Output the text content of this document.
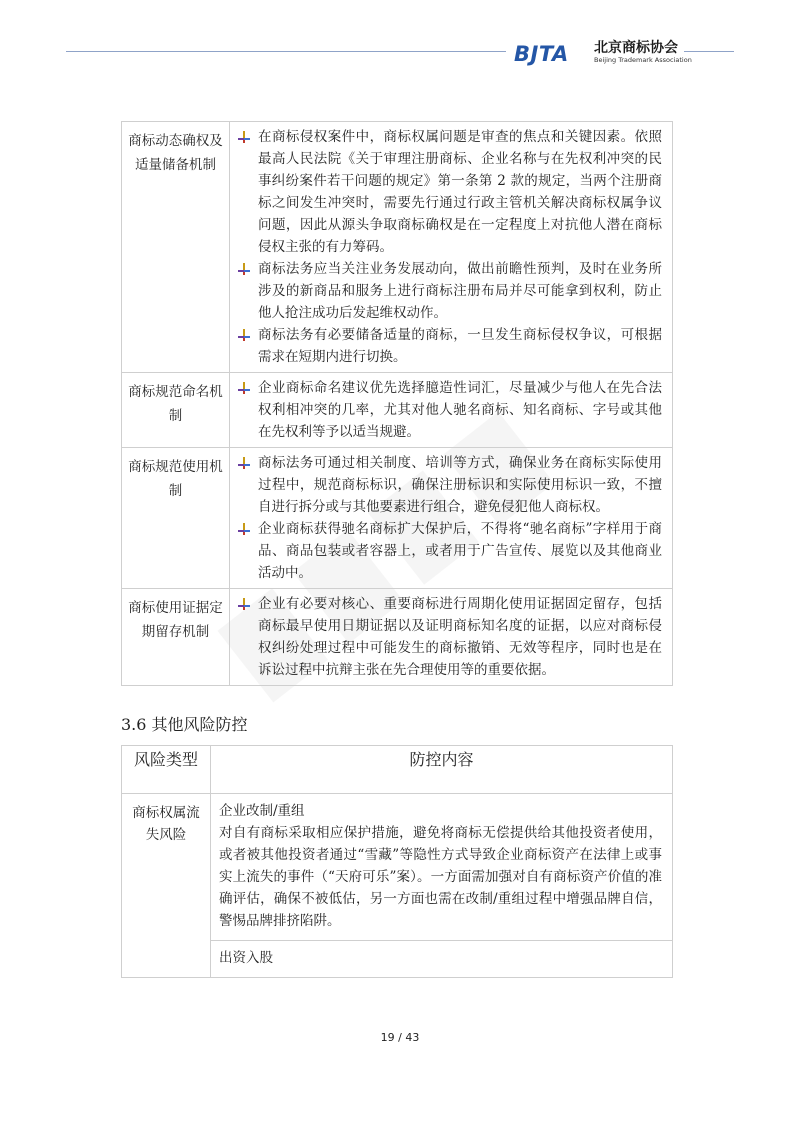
BJTA 北京商标协会
Beijing Trademark Association
商标动态确权及适量储备机制	在商标侵权案件中，商标权属问题是审查的焦点和关键因素。依照最高人民法院《关于审理注册商标、企业名称与在先权利冲突的民事纠纷案件若干问题的规定》第一条第 2 款的规定，当两个注册商标之间发生冲突时，需要先行通过行政主管机关解决商标权属争议问题，因此从源头争取商标确权是在一定程度上对抗他人潜在商标侵权主张的有力筹码。
商标法务应当关注业务发展动向，做出前瞻性预判，及时在业务所涉及的新商品和服务上进行商标注册布局并尽可能拿到权利，防止他人抢注成功后发起维权动作。
商标法务有必要储备适量的商标，一旦发生商标侵权争议，可根据需求在短期内进行切换。

商标规范命名机制	企业商标命名建议优先选择臆造性词汇，尽量减少与他人在先合法权利相冲突的几率，尤其对他人驰名商标、知名商标、字号或其他在先权利等予以适当规避。

商标规范使用机制	商标法务可通过相关制度、培训等方式，确保业务在商标实际使用过程中，规范商标标识，确保注册标识和实际使用标识一致，不擅自进行拆分或与其他要素进行组合，避免侵犯他人商标权。
企业商标获得驰名商标扩大保护后，不得将“驰名商标”字样用于商品、商品包装或者容器上，或者用于广告宣传、展览以及其他商业活动中。

商标使用证据定期留存机制	企业有必要对核心、重要商标进行周期化使用证据固定留存，包括商标最早使用日期证据以及证明商标知名度的证据，以应对商标侵权纠纷处理过程中可能发生的商标撤销、无效等程序，同时也是在诉讼过程中抗辩主张在先合理使用等的重要依据。
3.6 其他风险防控
风险类型	防控内容
商标权属流失风险	企业改制/重组
对自有商标采取相应保护措施，避免将商标无偿提供给其他投资者使用，或者被其他投资者通过“雪藏”等隐性方式导致企业商标资产在法律上或事实上流失的事件（“天府可乐”案）。一方面需加强对自有商标资产价值的准确评估，确保不被低估，另一方面也需在改制/重组过程中增强品牌自信，警惕品牌排挤陷阱。

	出资入股
19 / 43
